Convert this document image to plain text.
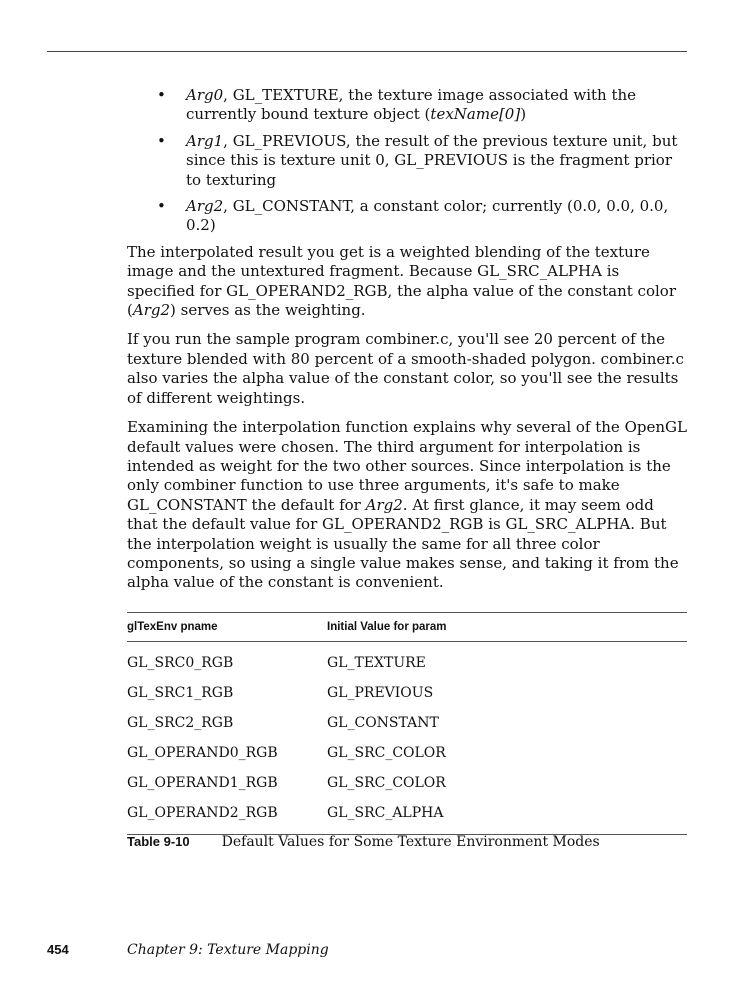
• Arg0, GL_TEXTURE, the texture image associated with the currently bound texture object (texName[0])
• Arg1, GL_PREVIOUS, the result of the previous texture unit, but since this is texture unit 0, GL_PREVIOUS is the fragment prior to texturing
• Arg2, GL_CONSTANT, a constant color; currently (0.0, 0.0, 0.0, 0.2)

The interpolated result you get is a weighted blending of the texture image and the untextured fragment. Because GL_SRC_ALPHA is specified for GL_OPERAND2_RGB, the alpha value of the constant color (Arg2) serves as the weighting.

If you run the sample program combiner.c, you'll see 20 percent of the texture blended with 80 percent of a smooth-shaded polygon. combiner.c also varies the alpha value of the constant color, so you'll see the results of different weightings.

Examining the interpolation function explains why several of the OpenGL default values were chosen. The third argument for interpolation is intended as weight for the two other sources. Since interpolation is the only combiner function to use three arguments, it's safe to make GL_CONSTANT the default for Arg2. At first glance, it may seem odd that the default value for GL_OPERAND2_RGB is GL_SRC_ALPHA. But the interpolation weight is usually the same for all three color components, so using a single value makes sense, and taking it from the alpha value of the constant is convenient.

glTexEnv pname	Initial Value for param
GL_SRC0_RGB	GL_TEXTURE
GL_SRC1_RGB	GL_PREVIOUS
GL_SRC2_RGB	GL_CONSTANT
GL_OPERAND0_RGB	GL_SRC_COLOR
GL_OPERAND1_RGB	GL_SRC_COLOR
GL_OPERAND2_RGB	GL_SRC_ALPHA
Table 9-10 Default Values for Some Texture Environment Modes
454	Chapter 9: Texture Mapping
